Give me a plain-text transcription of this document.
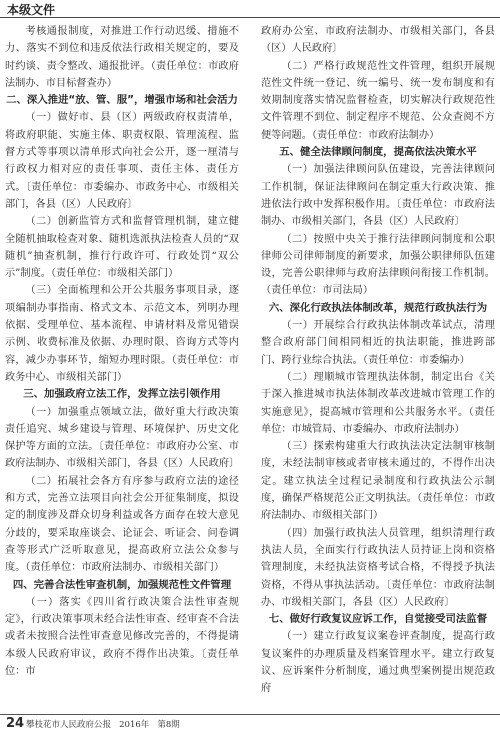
本级文件
考核通报制度，对推进工作行动迟缓、措施不力、落实不到位和违反依法行政相关规定的，要及时约谈、责令整改、通报批评。（责任单位：市政府法制办、市目标督查办）
二、深入推进“放、管、服”，增强市场和社会活力
（一）做好市、县（区）两级政府权责清单，将政府职能、实施主体、职责权限、管理流程、监督方式等事项以清单形式向社会公开，逐一厘清与行政权力相对应的责任事项、责任主体、责任方式。〔责任单位：市委编办、市政务中心、市级相关部门，各县（区）人民政府〕
（二）创新监管方式和监督管理机制，建立健全随机抽取检查对象、随机选派执法检查人员的“双随机”抽查机制，推行行政许可、行政处罚“双公示”制度。（责任单位：市级相关部门）
（三）全面梳理和公开公共服务事项目录，逐项编制办事指南、格式文本、示范文本，列明办理依据、受理单位、基本流程、申请材料及常见错误示例、收费标准及依据、办理时限、咨询方式等内容，减少办事环节，缩短办理时限。（责任单位：市政务中心、市级相关部门）
三、加强政府立法工作，发挥立法引领作用
（一）加强重点领域立法，做好重大行政决策责任追究、城乡建设与管理、环境保护、历史文化保护等方面的立法。〔责任单位：市政府办公室、市政府法制办、市级相关部门，各县（区）人民政府〕
（二）拓展社会各方有序参与政府立法的途径和方式，完善立法项目向社会公开征集制度，拟设定的制度涉及群众切身利益或各方面存在较大意见分歧的，要采取座谈会、论证会、听证会、问卷调查等形式广泛听取意见，提高政府立法公众参与度。（责任单位：市政府法制办、市级相关部门）
四、完善合法性审查机制，加强规范性文件管理
（一）落实《四川省行政决策合法性审查规定》，行政决策事项未经合法性审查、经审查不合法或者未按照合法性审查意见修改完善的，不得提请本级人民政府审议，政府不得作出决策。〔责任单位：市
政府办公室、市政府法制办、市级相关部门，各县（区）人民政府〕
（二）严格行政规范性文件管理，组织开展规范性文件统一登记、统一编号、统一发布制度和有效期制度落实情况监督检查，切实解决行政规范性文件管理不到位、制定程序不规范、公众查阅不方便等问题。（责任单位：市政府法制办）
五、健全法律顾问制度，提高依法决策水平
（一）加强法律顾问队伍建设，完善法律顾问工作机制，保证法律顾问在制定重大行政决策、推进依法行政中发挥积极作用。〔责任单位：市政府法制办、市级相关部门，各县（区）人民政府〕
（二）按照中央关于推行法律顾问制度和公职律师公司律师制度的新要求，加强公职律师队伍建设，完善公职律师与政府法律顾问衔接工作机制。（责任单位：市司法局）
六、深化行政执法体制改革，规范行政执法行为
（一）开展综合行政执法体制改革试点，清理整合政府部门间相同相近的执法职能，推进跨部门、跨行业综合执法。（责任单位：市委编办）
（二）理顺城市管理执法体制，制定出台《关于深入推进城市执法体制改革改进城市管理工作的实施意见》，提高城市管理和公共服务水平。（责任单位：市城管局、市委编办、市政府法制办）
（三）探索构建重大行政执法决定法制审核制度，未经法制审核或者审核未通过的，不得作出决定。建立执法全过程记录制度和行政执法公示制度，确保严格规范公正文明执法。（责任单位：市政府法制办、市级相关部门）
（四）加强行政执法人员管理，组织清理行政执法人员，全面实行行政执法人员持证上岗和资格管理制度，未经执法资格考试合格，不得授予执法资格，不得从事执法活动。〔责任单位：市政府法制办、市级相关部门，各县（区）人民政府〕
七、做好行政复议应诉工作，自觉接受司法监督
（一）建立行政复议案卷评查制度，提高行政复议案件的办理质量及档案管理水平。建立行政复议、应诉案件分析制度，通过典型案例提出规范政府
24 攀枝花市人民政府公报 2016年 第8期
